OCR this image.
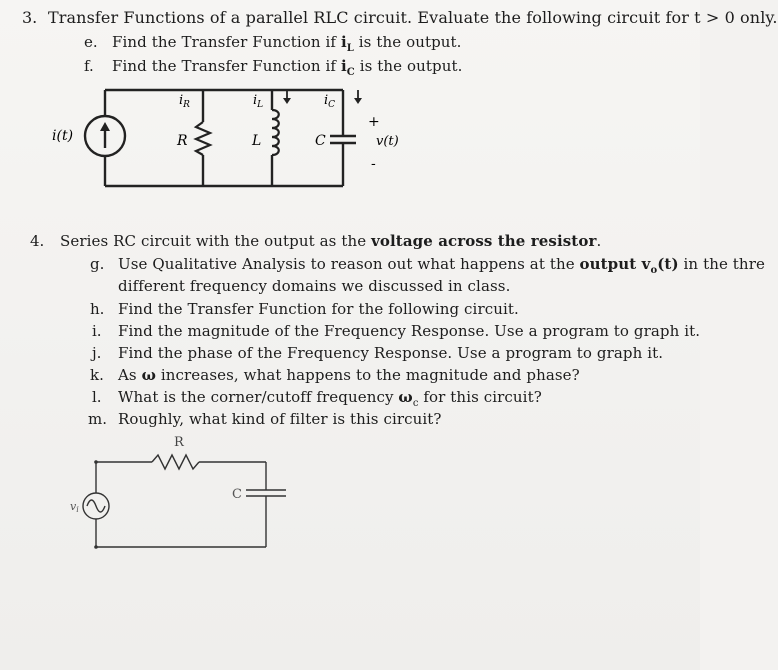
3. Transfer Functions of a parallel RLC circuit. Evaluate the following circuit for t > 0 only.
e. Find the Transfer Function if $i_L$ is the output.
f. Find the Transfer Function if $i_C$ is the output.
i(t)
$i_R$	$i_L$	$i_C$
R	L	C
+
-
v(t)
4. Series RC circuit with the output as the voltage across the resistor.
g. Use Qualitative Analysis to reason out what happens at the output $v_o(t)$ in the thre
different frequency domains we discussed in class.
h. Find the Transfer Function for the following circuit.
i. Find the magnitude of the Frequency Response. Use a program to graph it.
j. Find the phase of the Frequency Response. Use a program to graph it.
k. As ω increases, what happens to the magnitude and phase?
l. What is the corner/cutoff frequency $\omega_c$ for this circuit?
m. Roughly, what kind of filter is this circuit?
R
C
vi
